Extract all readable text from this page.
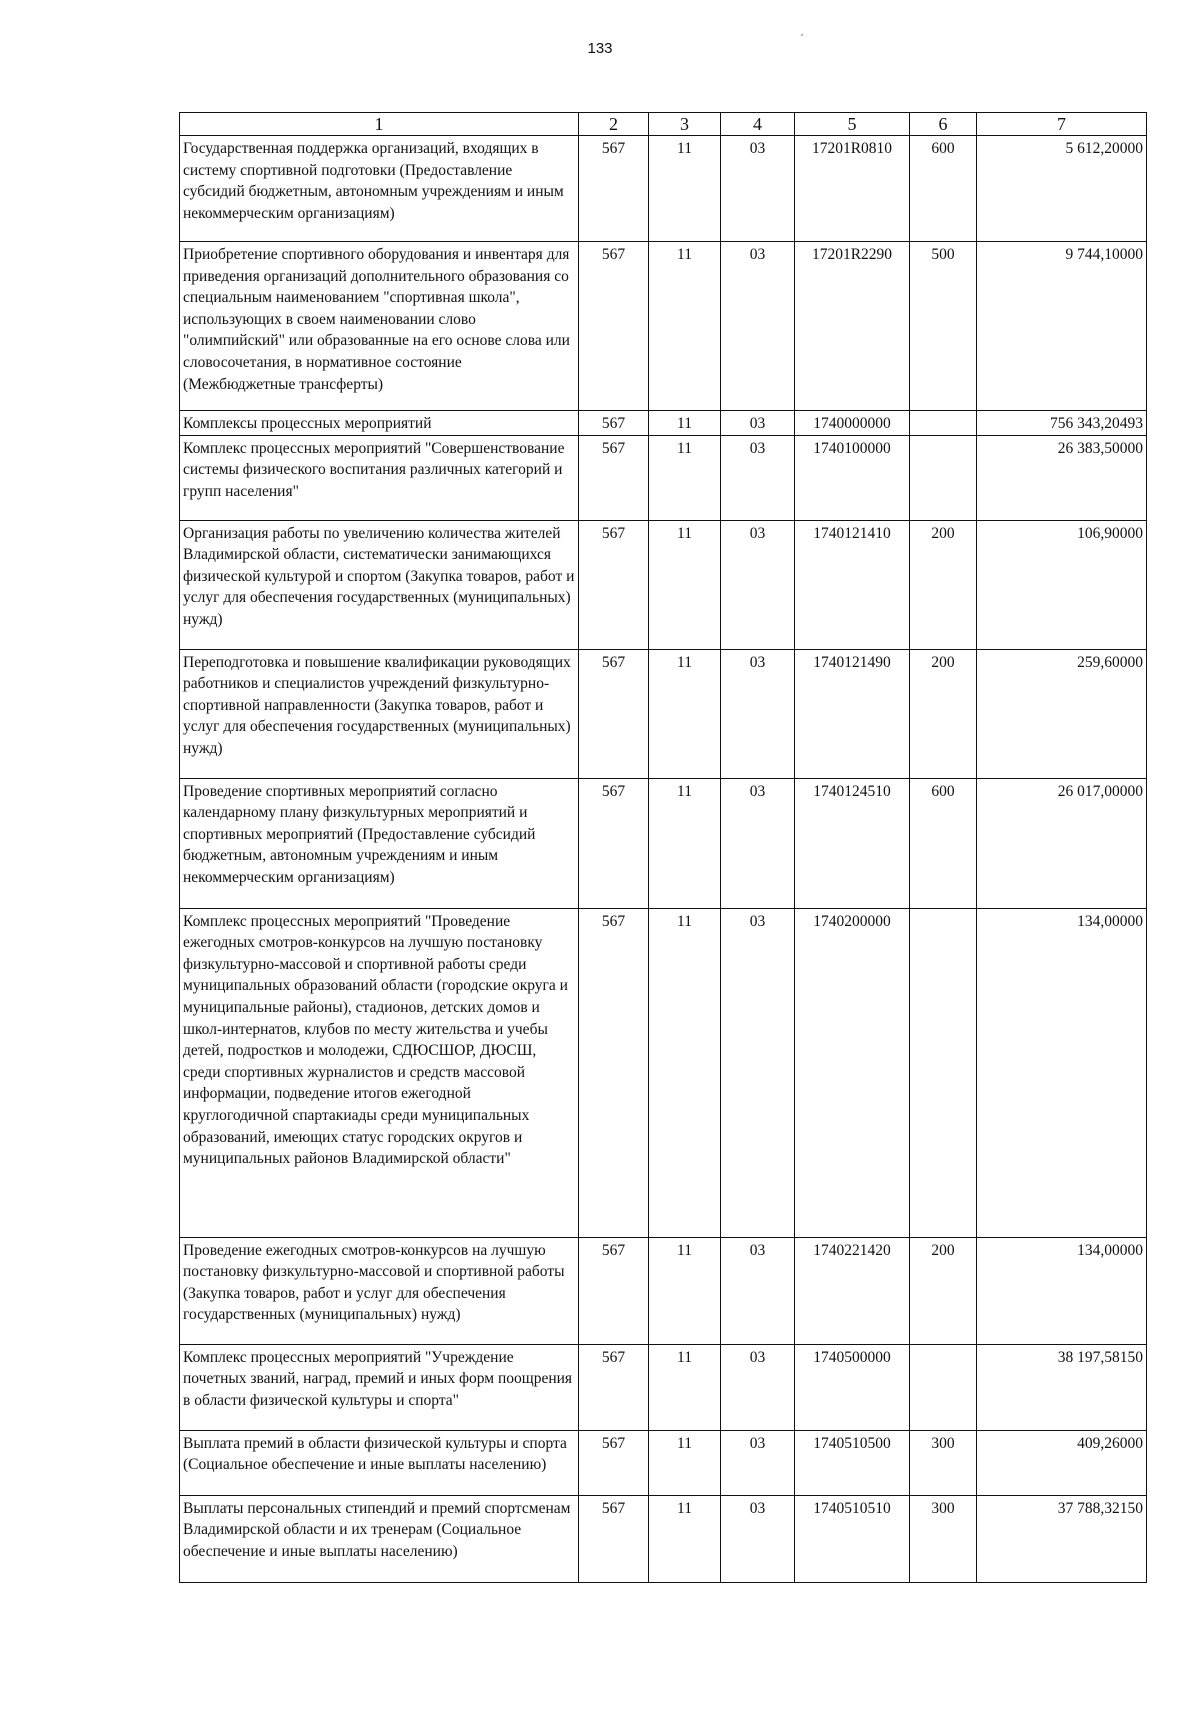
133
ˊ
1	2	3	4	5	6	7
Государственная поддержка организаций, входящих в систему спортивной подготовки (Предоставление субсидий бюджетным, автономным учреждениям и иным некоммерческим организациям)	567	11	03	17201R0810	600	5 612,20000
Приобретение спортивного оборудования и инвентаря для приведения организаций дополнительного образования со специальным наименованием "спортивная школа", использующих в своем наименовании слово "олимпийский" или образованные на его основе слова или словосочетания, в нормативное состояние (Межбюджетные трансферты)	567	11	03	17201R2290	500	9 744,10000
Комплексы процессных мероприятий	567	11	03	1740000000		756 343,20493
Комплекс процессных мероприятий "Совершенствование системы физического воспитания различных категорий и групп населения"	567	11	03	1740100000		26 383,50000
Организация работы по увеличению количества жителей Владимирской области, систематически занимающихся физической культурой и спортом (Закупка товаров, работ и услуг для обеспечения государственных (муниципальных) нужд)	567	11	03	1740121410	200	106,90000
Переподготовка и повышение квалификации руководящих работников и специалистов учреждений физкультурно-спортивной направленности (Закупка товаров, работ и услуг для обеспечения государственных (муниципальных) нужд)	567	11	03	1740121490	200	259,60000
Проведение спортивных мероприятий согласно календарному плану физкультурных мероприятий и спортивных мероприятий (Предоставление субсидий бюджетным, автономным учреждениям и иным некоммерческим организациям)	567	11	03	1740124510	600	26 017,00000
Комплекс процессных мероприятий "Проведение ежегодных смотров-конкурсов на лучшую постановку физкультурно-массовой и спортивной работы среди муниципальных образований области (городские округа и муниципальные районы), стадионов, детских домов и школ-интернатов, клубов по месту жительства и учебы детей, подростков и молодежи, СДЮСШОР, ДЮСШ, среди спортивных журналистов и средств массовой информации, подведение итогов ежегодной круглогодичной спартакиады среди муниципальных образований, имеющих статус городских округов и муниципальных районов Владимирской области"	567	11	03	1740200000		134,00000
Проведение ежегодных смотров-конкурсов на лучшую постановку физкультурно-массовой и спортивной работы (Закупка товаров, работ и услуг для обеспечения государственных (муниципальных) нужд)	567	11	03	1740221420	200	134,00000
Комплекс процессных мероприятий "Учреждение почетных званий, наград, премий и иных форм поощрения в области физической культуры и спорта"	567	11	03	1740500000		38 197,58150
Выплата премий в области физической культуры и спорта (Социальное обеспечение и иные выплаты населению)	567	11	03	1740510500	300	409,26000
Выплаты персональных стипендий и премий спортсменам Владимирской области и их тренерам (Социальное обеспечение и иные выплаты населению)	567	11	03	1740510510	300	37 788,32150
